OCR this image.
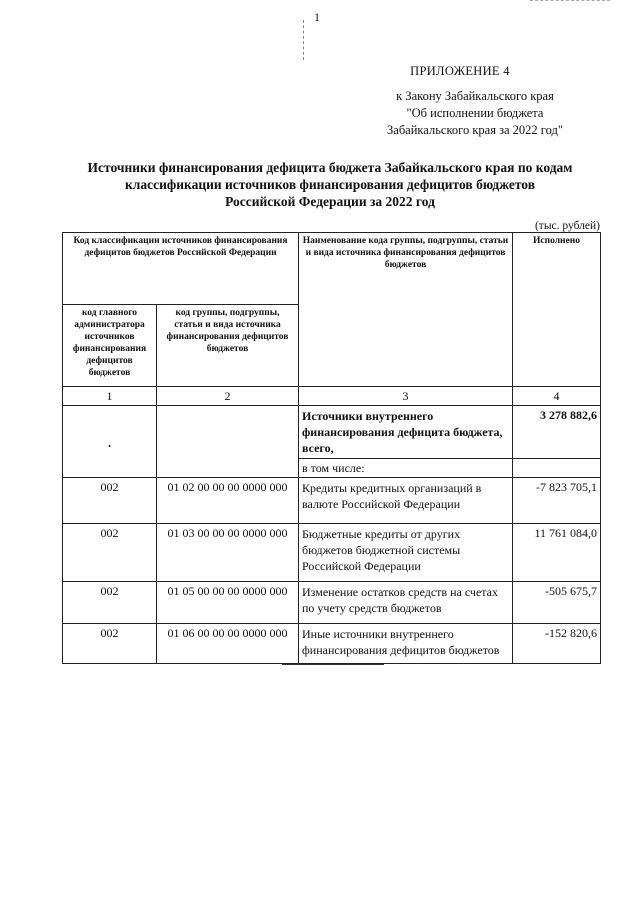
1
ПРИЛОЖЕНИЕ 4
к Закону Забайкальского края
"Об исполнении бюджета
Забайкальского края за 2022 год"
Источники финансирования дефицита бюджета Забайкальского края по кодам
классификации источников финансирования дефицитов бюджетов
Российской Федерации за 2022 год
(тыс. рублей)
Код классификации источников финансирования дефицитов бюджетов Российской Федерации		Наименование кода группы, подгруппы, статьи и вида источника финансирования дефицитов бюджетов	Исполнено
код главного администратора источников финансирования дефицитов бюджетов	код группы, подгруппы, статьи и вида источника финансирования дефицитов бюджетов		
1	2	3	4

•		Источники внутреннего финансирования дефицита бюджета, всего,	3 278 882,6
		в том числе:	
002	01 02 00 00 00 0000 000	Кредиты кредитных организаций в валюте Российской Федерации	-7 823 705,1
002	01 03 00 00 00 0000 000	Бюджетные кредиты от других бюджетов бюджетной системы Российской Федерации	11 761 084,0
002	01 05 00 00 00 0000 000	Изменение остатков средств на счетах по учету средств бюджетов	-505 675,7
002	01 06 00 00 00 0000 000	Иные источники внутреннего финансирования дефицитов бюджетов	-152 820,6
